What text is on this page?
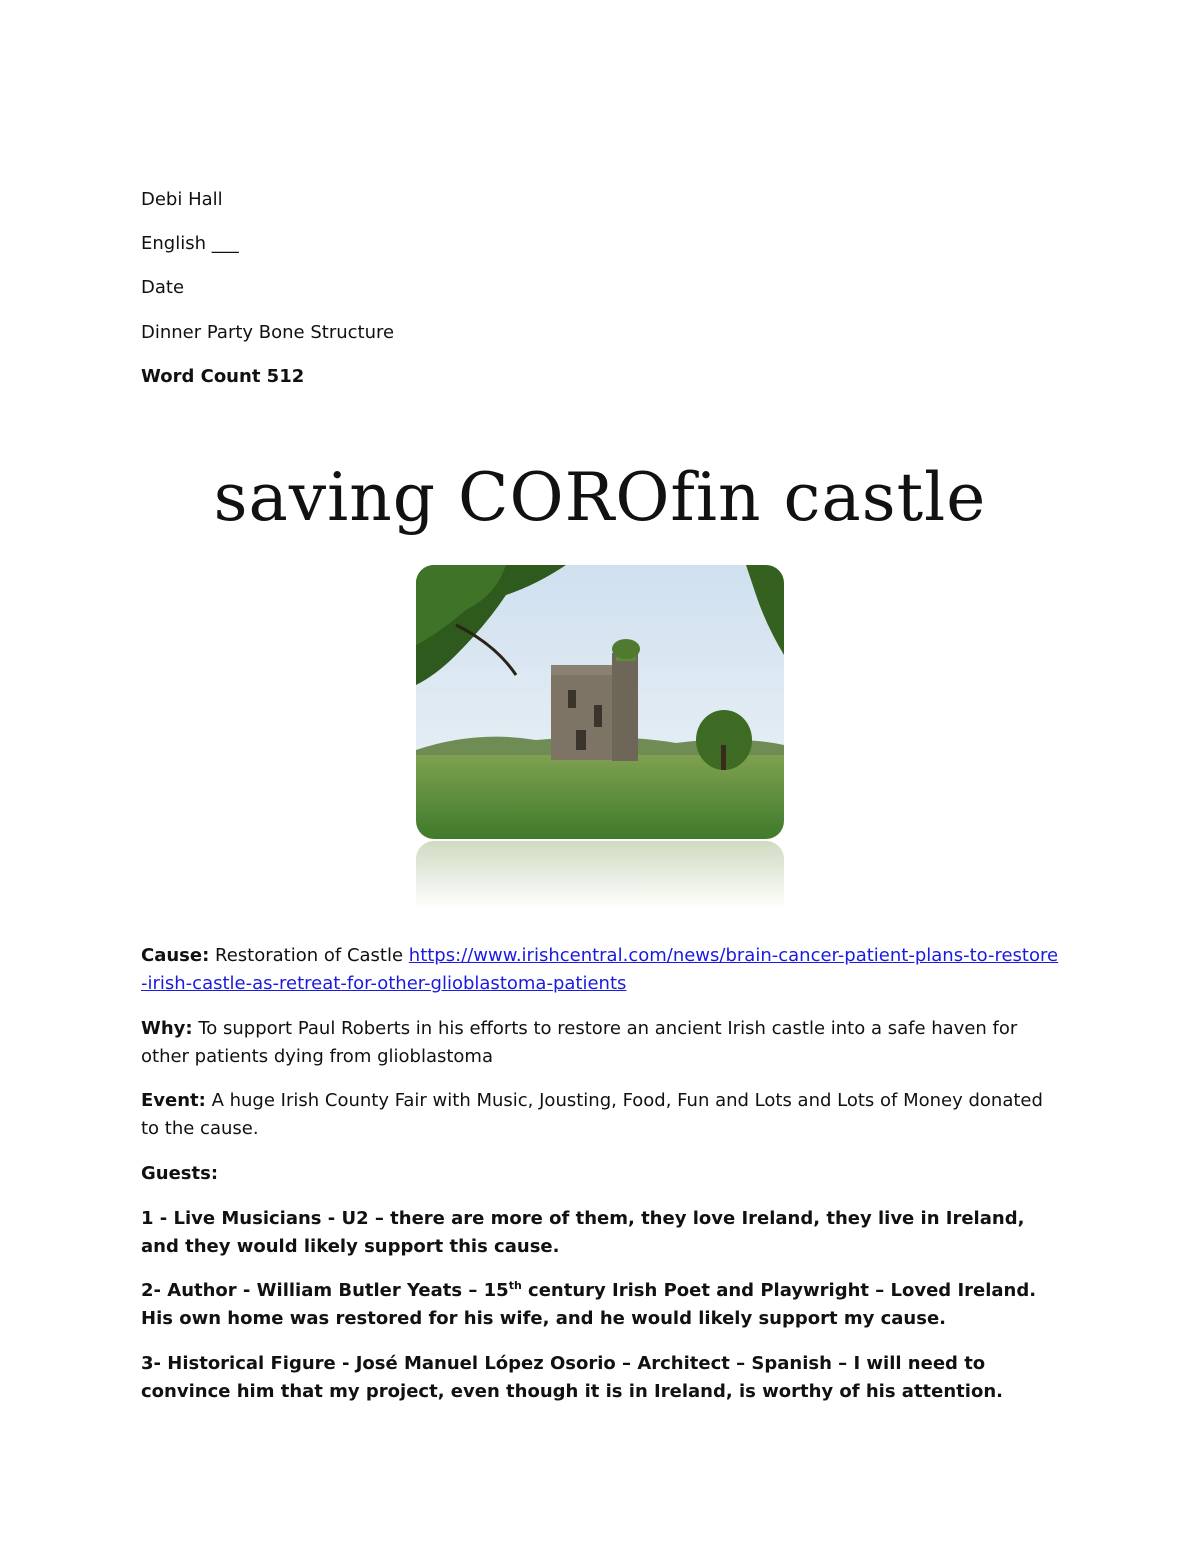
Debi Hall
English ___
Date
Dinner Party Bone Structure
Word Count 512
saving COROfin castle
Cause: Restoration of Castle https://www.irishcentral.com/news/brain-cancer-patient-plans-to-restore-irish-castle-as-retreat-for-other-glioblastoma-patients
Why: To support Paul Roberts in his efforts to restore an ancient Irish castle into a safe haven for other patients dying from glioblastoma
Event: A huge Irish County Fair with Music, Jousting, Food, Fun and Lots and Lots of Money donated to the cause.
Guests:
1 - Live Musicians - U2 – there are more of them, they love Ireland, they live in Ireland, and they would likely support this cause.
2- Author - William Butler Yeats – 15th century Irish Poet and Playwright – Loved Ireland. His own home was restored for his wife, and he would likely support my cause.
3- Historical Figure - José Manuel López Osorio – Architect – Spanish – I will need to convince him that my project, even though it is in Ireland, is worthy of his attention.
